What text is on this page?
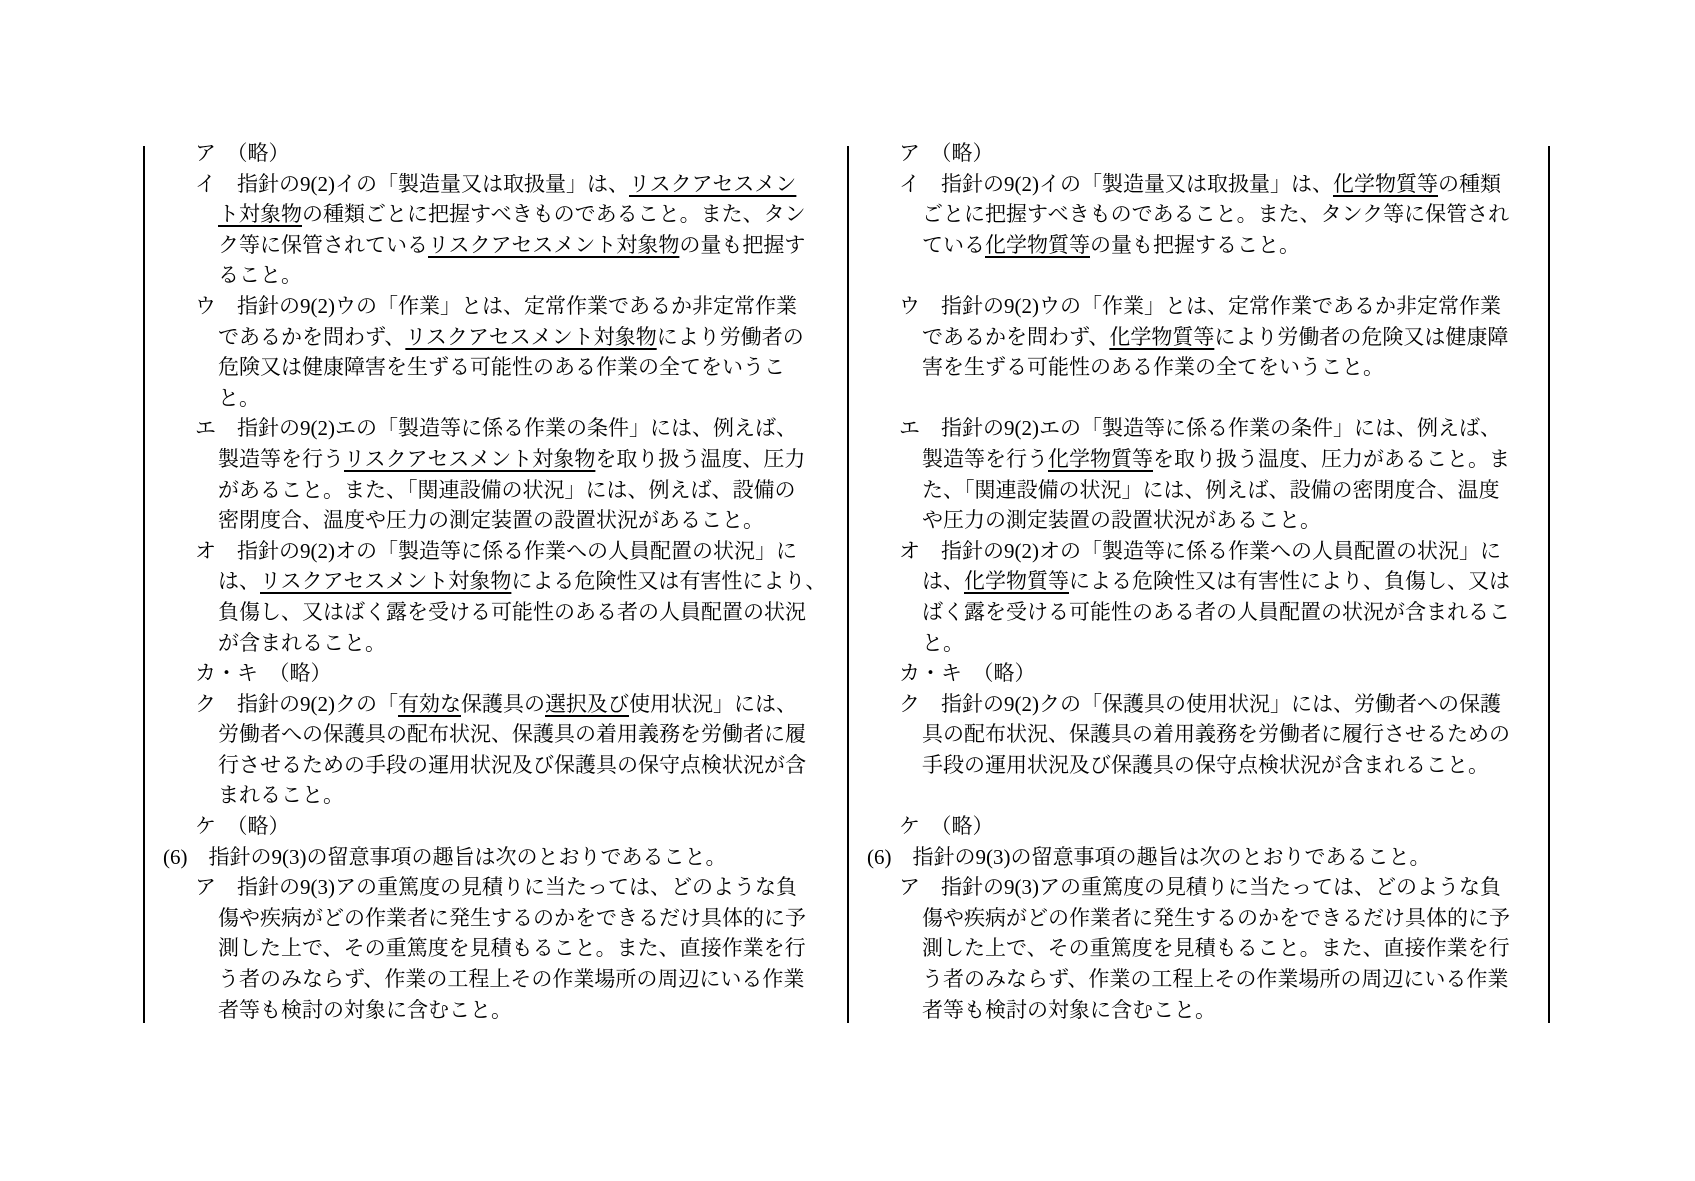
ア　（略）
イ　指針の9(2)イの「製造量又は取扱量」は、リスクアセスメン
ト対象物の種類ごとに把握すべきものであること。また、タン
ク等に保管されているリスクアセスメント対象物の量も把握す
ること。
ウ　指針の9(2)ウの「作業」とは、定常作業であるか非定常作業
であるかを問わず、リスクアセスメント対象物により労働者の
危険又は健康障害を生ずる可能性のある作業の全てをいうこ
と。
エ　指針の9(2)エの「製造等に係る作業の条件」には、例えば、
製造等を行うリスクアセスメント対象物を取り扱う温度、圧力
があること。また、「関連設備の状況」には、例えば、設備の
密閉度合、温度や圧力の測定装置の設置状況があること。
オ　指針の9(2)オの「製造等に係る作業への人員配置の状況」に
は、リスクアセスメント対象物による危険性又は有害性により、
負傷し、又はばく露を受ける可能性のある者の人員配置の状況
が含まれること。
カ・キ　（略）
ク　指針の9(2)クの「有効な保護具の選択及び使用状況」には、
労働者への保護具の配布状況、保護具の着用義務を労働者に履
行させるための手段の運用状況及び保護具の保守点検状況が含
まれること。
ケ　（略）
(6)　指針の9(3)の留意事項の趣旨は次のとおりであること。
ア　指針の9(3)アの重篤度の見積りに当たっては、どのような負
傷や疾病がどの作業者に発生するのかをできるだけ具体的に予
測した上で、その重篤度を見積もること。また、直接作業を行
う者のみならず、作業の工程上その作業場所の周辺にいる作業
者等も検討の対象に含むこと。
ア　（略）
イ　指針の9(2)イの「製造量又は取扱量」は、化学物質等の種類
ごとに把握すべきものであること。また、タンク等に保管され
ている化学物質等の量も把握すること。
ウ　指針の9(2)ウの「作業」とは、定常作業であるか非定常作業
であるかを問わず、化学物質等により労働者の危険又は健康障
害を生ずる可能性のある作業の全てをいうこと。
エ　指針の9(2)エの「製造等に係る作業の条件」には、例えば、
製造等を行う化学物質等を取り扱う温度、圧力があること。ま
た、「関連設備の状況」には、例えば、設備の密閉度合、温度
や圧力の測定装置の設置状況があること。
オ　指針の9(2)オの「製造等に係る作業への人員配置の状況」に
は、化学物質等による危険性又は有害性により、負傷し、又は
ばく露を受ける可能性のある者の人員配置の状況が含まれるこ
と。
カ・キ　（略）
ク　指針の9(2)クの「保護具の使用状況」には、労働者への保護
具の配布状況、保護具の着用義務を労働者に履行させるための
手段の運用状況及び保護具の保守点検状況が含まれること。
ケ　（略）
(6)　指針の9(3)の留意事項の趣旨は次のとおりであること。
ア　指針の9(3)アの重篤度の見積りに当たっては、どのような負
傷や疾病がどの作業者に発生するのかをできるだけ具体的に予
測した上で、その重篤度を見積もること。また、直接作業を行
う者のみならず、作業の工程上その作業場所の周辺にいる作業
者等も検討の対象に含むこと。
